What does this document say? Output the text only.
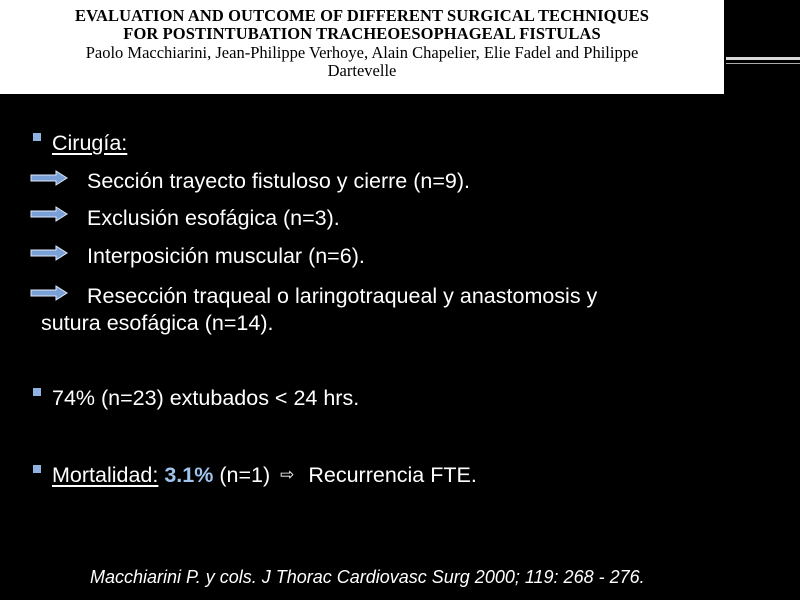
EVALUATION AND OUTCOME OF DIFFERENT SURGICAL TECHNIQUES
FOR POSTINTUBATION TRACHEOESOPHAGEAL FISTULAS
Paolo Macchiarini, Jean-Philippe Verhoye, Alain Chapelier, Elie Fadel and Philippe
Dartevelle
Cirugía:
Sección trayecto fistuloso y cierre (n=9).
Exclusión esofágica (n=3).
Interposición muscular (n=6).
Resección traqueal o laringotraqueal y anastomosis y
sutura esofágica (n=14).
74% (n=23) extubados < 24 hrs.
Mortalidad: 3.1% (n=1) ⇨ Recurrencia FTE.
Macchiarini P. y cols. J Thorac Cardiovasc Surg 2000; 119: 268 - 276.
